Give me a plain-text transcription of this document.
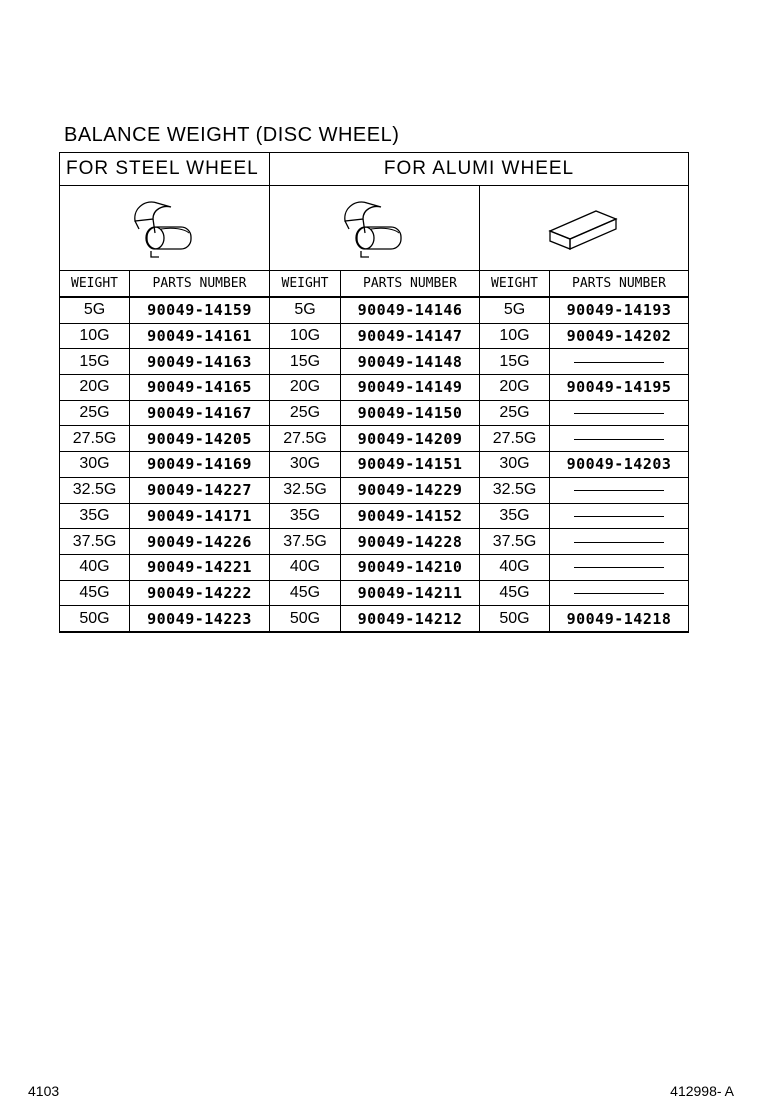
BALANCE WEIGHT (DISC WHEEL)
FOR STEEL WHEEL		FOR ALUMI WHEEL			

WEIGHT	PARTS NUMBER	WEIGHT	PARTS NUMBER	WEIGHT	PARTS NUMBER
5G	90049-14159	5G	90049-14146	5G	90049-14193
10G	90049-14161	10G	90049-14147	10G	90049-14202
15G	90049-14163	15G	90049-14148	15G	
20G	90049-14165	20G	90049-14149	20G	90049-14195
25G	90049-14167	25G	90049-14150	25G	
27.5G	90049-14205	27.5G	90049-14209	27.5G	
30G	90049-14169	30G	90049-14151	30G	90049-14203
32.5G	90049-14227	32.5G	90049-14229	32.5G	
35G	90049-14171	35G	90049-14152	35G	
37.5G	90049-14226	37.5G	90049-14228	37.5G	
40G	90049-14221	40G	90049-14210	40G	
45G	90049-14222	45G	90049-14211	45G	
50G	90049-14223	50G	90049-14212	50G	90049-14218
4103	412998- A
